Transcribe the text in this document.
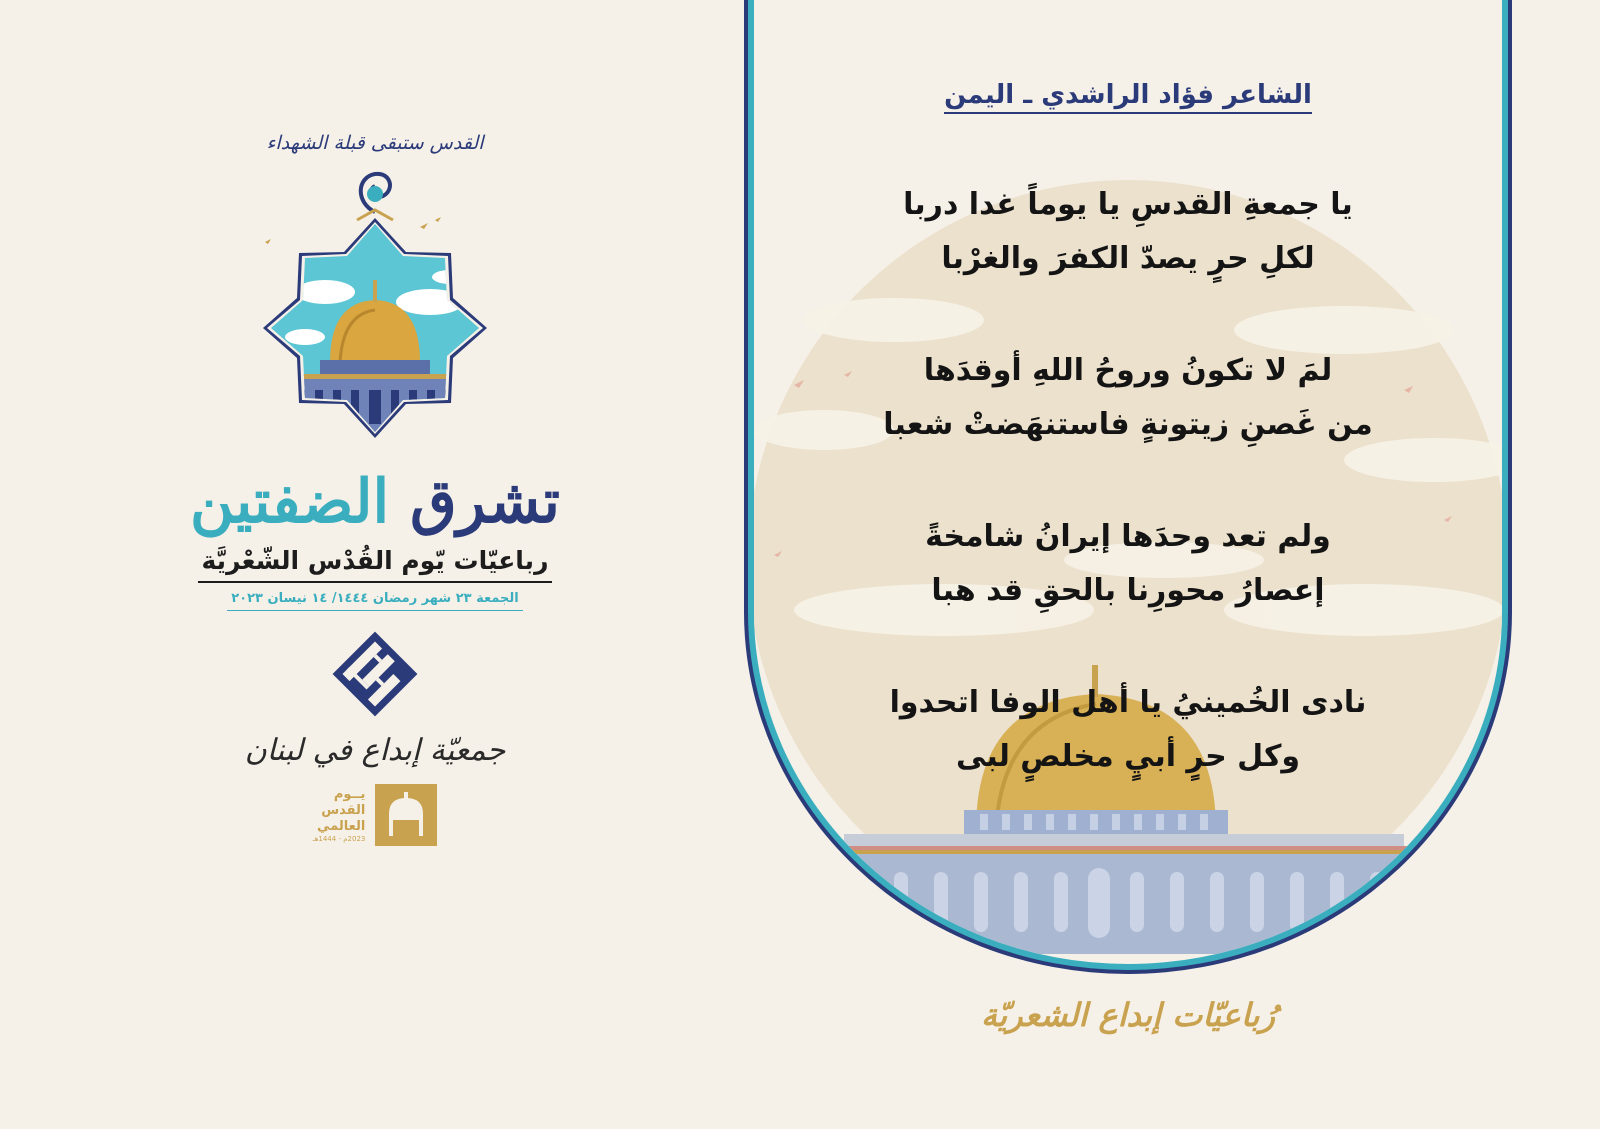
القدس ستبقى قبلة الشهداء
تشرق الضفتين
رباعيّات يّوم القُدْس الشّعْريَّة
الجمعة ٢٣ شهر رمضان ١٤٤٤/ ١٤ نيسان ٢٠٢٣
جمعيّة إبداع في لبنان
يــوم
القدس
العالمي
2023م - 1444هـ
الشاعر فؤاد الراشدي ـ اليمن
يا جمعةِ القدسِ يا يوماً غدا دربا
لكلِ حرٍ يصدّ الكفرَ والغرْبا
لمَ لا تكونُ وروحُ اللهِ أوقدَها
من غَصنِ زيتونةٍ فاستنهَضتْ شعبا
ولم تعد وحدَها إيرانُ شامخةً
إعصارُ محورِنا بالحقِ قد هبا
نادى الخُمينيُ يا أهل الوفا اتحدوا
وكل حرٍ أبيٍ مخلصٍ لبى
رُباعيّات إبداع الشعريّة
